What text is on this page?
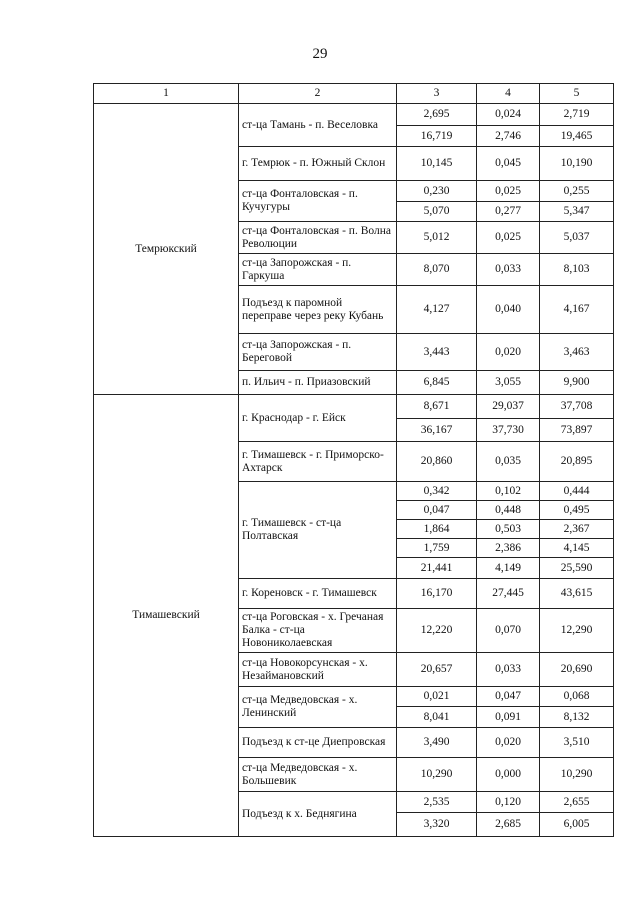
29
1	2	3	4	5
Темрюкский	ст-ца Тамань - п. Веселовка	2,695	0,024	2,719
		16,719	2,746	19,465
	г. Темрюк - п. Южный Склон	10,145	0,045	10,190
	ст-ца Фонталовская - п. Кучугуры	0,230	0,025	0,255
		5,070	0,277	5,347
	ст-ца Фонталовская - п. Волна Революции	5,012	0,025	5,037
	ст-ца Запорожская - п. Гаркуша	8,070	0,033	8,103
	Подъезд к паромной переправе через реку Кубань	4,127	0,040	4,167
	ст-ца Запорожская - п. Береговой	3,443	0,020	3,463
	п. Ильич - п. Приазовский	6,845	3,055	9,900
Тимашевский	г. Краснодар - г. Ейск	8,671	29,037	37,708
		36,167	37,730	73,897
	г. Тимашевск - г. Приморско-Ахтарск	20,860	0,035	20,895
	г. Тимашевск - ст-ца Полтавская	0,342	0,102	0,444
		0,047	0,448	0,495
		1,864	0,503	2,367
		1,759	2,386	4,145
		21,441	4,149	25,590
	г. Кореновск - г. Тимашевск	16,170	27,445	43,615
	ст-ца Роговская - х. Гречаная Балка - ст-ца Новониколаевская	12,220	0,070	12,290
	ст-ца Новокорсунская - х. Незаймановский	20,657	0,033	20,690
	ст-ца Медведовская - х. Ленинский	0,021	0,047	0,068
		8,041	0,091	8,132
	Подъезд к ст-це Диепровская	3,490	0,020	3,510
	ст-ца Медведовская - х. Большевик	10,290	0,000	10,290
	Подъезд к х. Беднягина	2,535	0,120	2,655
		3,320	2,685	6,005
